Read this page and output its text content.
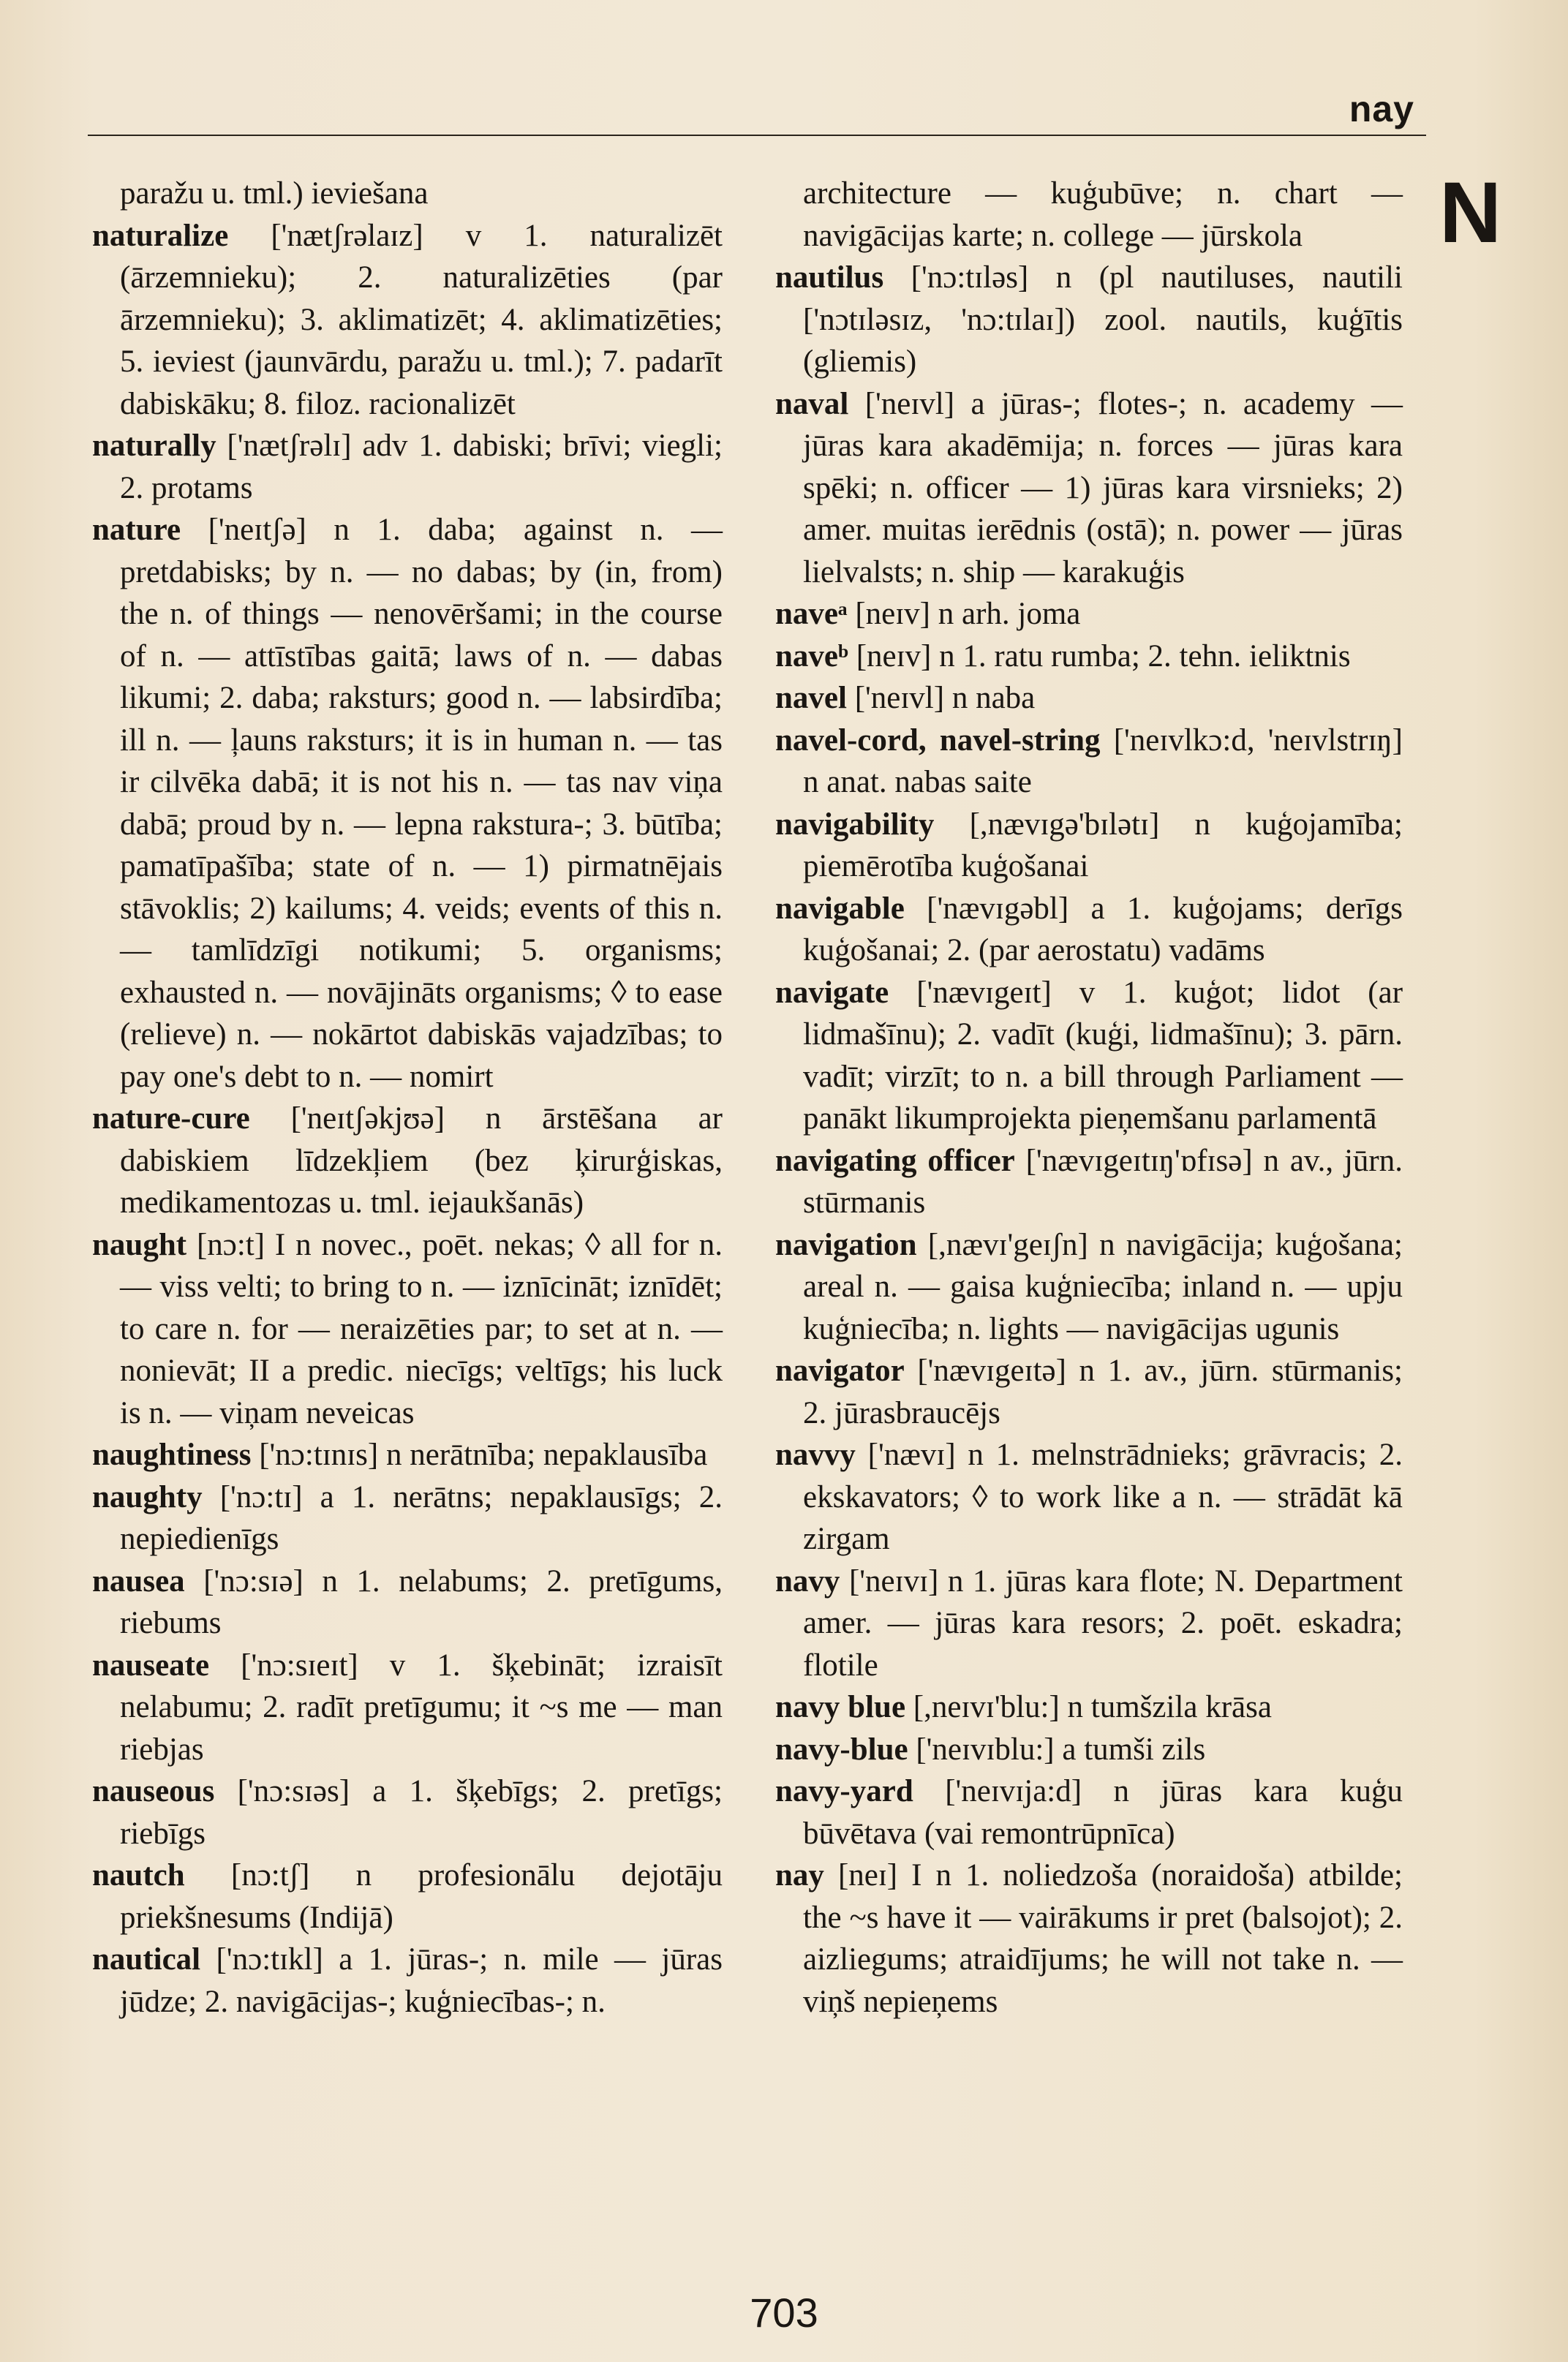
nay
N

paražu u. tml.) ieviešana

naturalize ['nætʃrəlaɪz] v 1. naturalizēt (ārzemnieku); 2. naturalizēties (par ārzemnieku); 3. aklimatizēt; 4. aklimatizēties; 5. ieviest (jaunvārdu, paražu u. tml.); 7. padarīt dabiskāku; 8. filoz. racionalizēt

naturally ['nætʃrəlɪ] adv 1. dabiski; brīvi; viegli; 2. protams

nature ['neɪtʃə] n 1. daba; against n. — pretdabisks; by n. — no dabas; by (in, from) the n. of things — nenovēršami; in the course of n. — attīstības gaitā; laws of n. — dabas likumi; 2. daba; raksturs; good n. — labsirdība; ill n. — ļauns raksturs; it is in human n. — tas ir cilvēka dabā; it is not his n. — tas nav viņa dabā; proud by n. — lepna rakstura-; 3. būtība; pamatīpašība; state of n. — 1) pirmatnējais stāvoklis; 2) kailums; 4. veids; events of this n. — tamlīdzīgi notikumi; 5. organisms; exhausted n. — novājināts organisms; ◊ to ease (relieve) n. — nokārtot dabiskās vajadzības; to pay one's debt to n. — nomirt

nature-cure ['neɪtʃəkjʊə] n ārstēšana ar dabiskiem līdzekļiem (bez ķirurģiskas, medikamentozas u. tml. iejaukšanās)

naught [nɔ:t] I n novec., poēt. nekas; ◊ all for n. — viss velti; to bring to n. — iznīcināt; iznīdēt; to care n. for — neraizēties par; to set at n. — nonievāt; II a predic. niecīgs; veltīgs; his luck is n. — viņam neveicas

naughtiness ['nɔ:tɪnɪs] n nerātnība; nepaklausība

naughty ['nɔ:tɪ] a 1. nerātns; nepaklausīgs; 2. nepiedienīgs

nausea ['nɔ:sɪə] n 1. nelabums; 2. pretīgums, riebums

nauseate ['nɔ:sɪeɪt] v 1. šķebināt; izraisīt nelabumu; 2. radīt pretīgumu; it ~s me — man riebjas

nauseous ['nɔ:sɪəs] a 1. šķebīgs; 2. pretīgs; riebīgs

nautch [nɔ:tʃ] n profesionālu dejotāju priekšnesums (Indijā)

nautical ['nɔ:tɪkl] a 1. jūras-; n. mile — jūras jūdze; 2. navigācijas-; kuģniecības-; n.

architecture — kuģubūve; n. chart — navigācijas karte; n. college — jūrskola

nautilus ['nɔ:tɪləs] n (pl nautiluses, nautili ['nɔtɪləsɪz, 'nɔ:tɪlaɪ]) zool. nautils, kuģītis (gliemis)

naval ['neɪvl] a jūras-; flotes-; n. academy — jūras kara akadēmija; n. forces — jūras kara spēki; n. officer — 1) jūras kara virsnieks; 2) amer. muitas ierēdnis (ostā); n. power — jūras lielvalsts; n. ship — karakuģis

naveᵃ [neɪv] n arh. joma

naveᵇ [neɪv] n 1. ratu rumba; 2. tehn. ieliktnis

navel ['neɪvl] n naba

navel-cord, navel-string ['neɪvlkɔ:d, 'neɪvlstrɪŋ] n anat. nabas saite

navigability [,nævɪgə'bɪlətɪ] n kuģojamība; piemērotība kuģošanai

navigable ['nævɪgəbl] a 1. kuģojams; derīgs kuģošanai; 2. (par aerostatu) vadāms

navigate ['nævɪgeɪt] v 1. kuģot; lidot (ar lidmašīnu); 2. vadīt (kuģi, lidmašīnu); 3. pārn. vadīt; virzīt; to n. a bill through Parliament — panākt likumprojekta pieņemšanu parlamentā

navigating officer ['nævɪgeɪtɪŋ'ɒfɪsə] n av., jūrn. stūrmanis

navigation [,nævɪ'geɪʃn] n navigācija; kuģošana; areal n. — gaisa kuģniecība; inland n. — upju kuģniecība; n. lights — navigācijas ugunis

navigator ['nævɪgeɪtə] n 1. av., jūrn. stūrmanis; 2. jūrasbraucējs

navvy ['nævɪ] n 1. melnstrādnieks; grāvracis; 2. ekskavators; ◊ to work like a n. — strādāt kā zirgam

navy ['neɪvɪ] n 1. jūras kara flote; N. Department amer. — jūras kara resors; 2. poēt. eskadra; flotile

navy blue [,neɪvɪ'blu:] n tumšzila krāsa

navy-blue ['neɪvɪblu:] a tumši zils

navy-yard ['neɪvɪja:d] n jūras kara kuģu būvētava (vai remontrūpnīca)

nay [neɪ] I n 1. noliedzoša (noraidoša) atbilde; the ~s have it — vairākums ir pret (balsojot); 2. aizliegums; atraidījums; he will not take n. — viņš nepieņems

703
